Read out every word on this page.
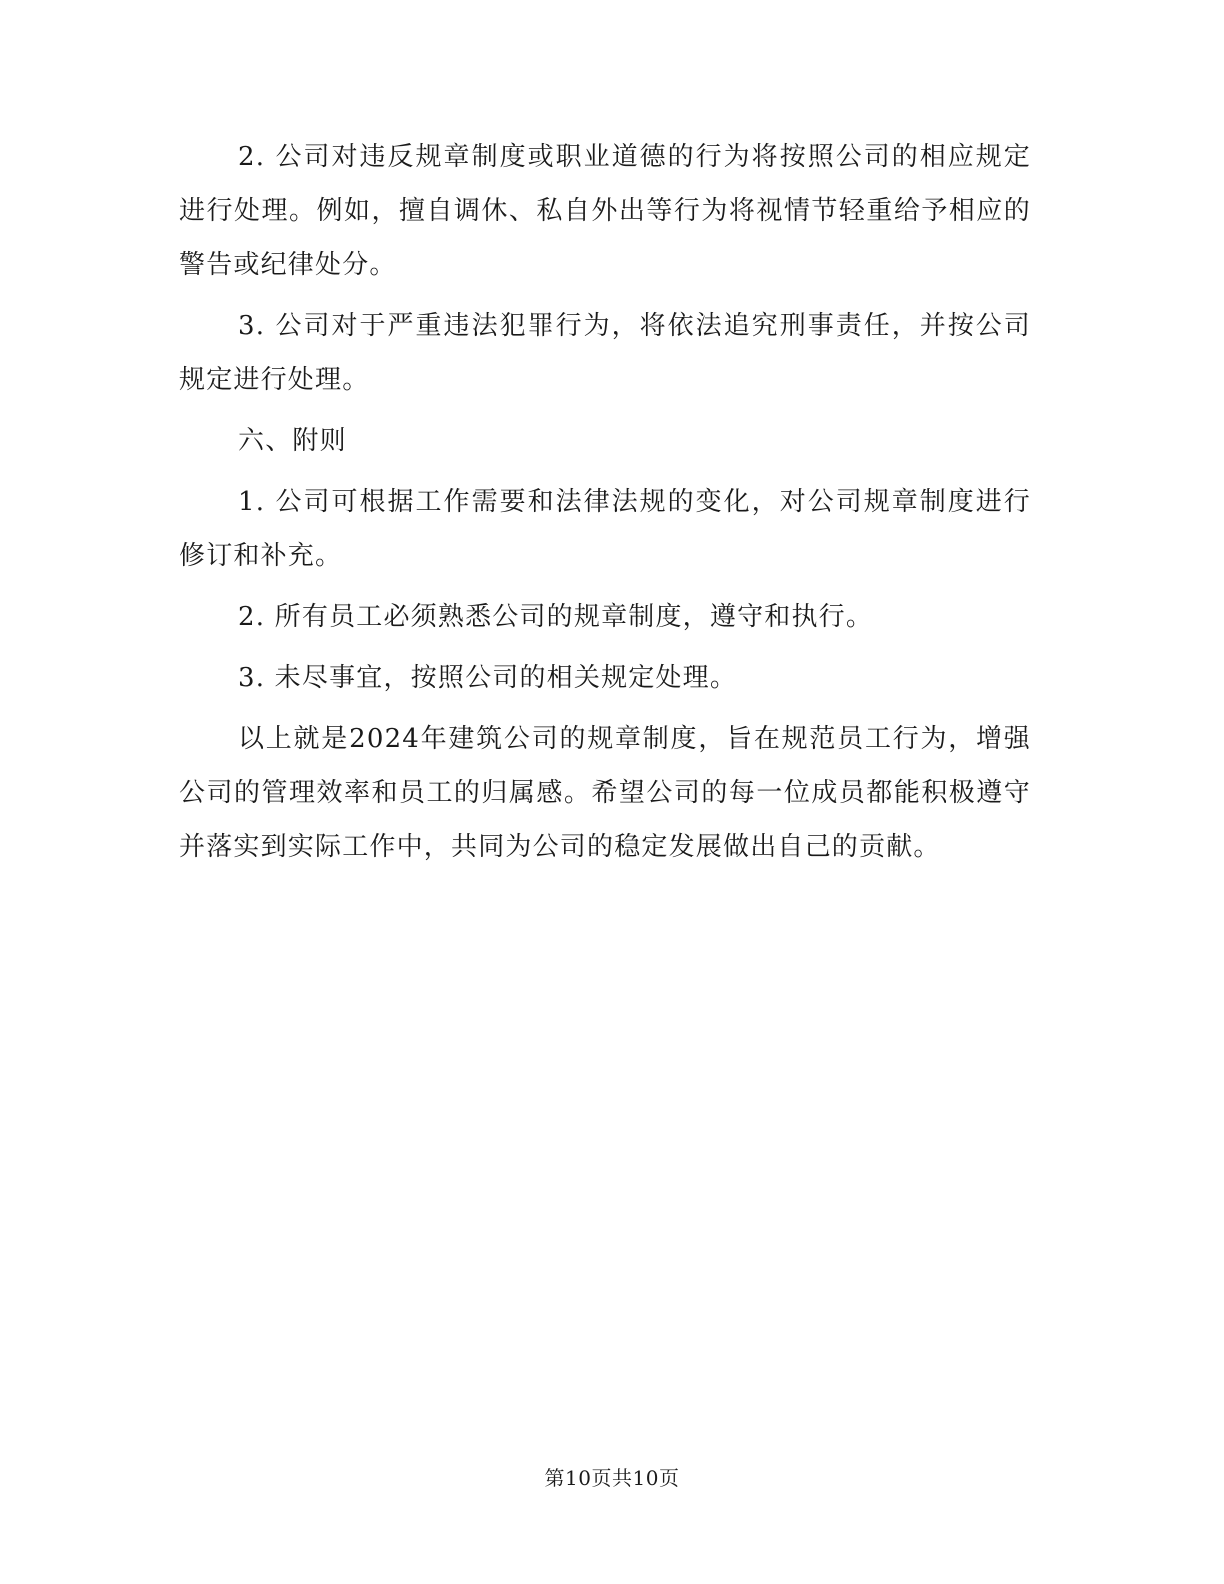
2. 公司对违反规章制度或职业道德的行为将按照公司的相应规定进行处理。例如，擅自调休、私自外出等行为将视情节轻重给予相应的警告或纪律处分。

3. 公司对于严重违法犯罪行为，将依法追究刑事责任，并按公司规定进行处理。

六、附则

1. 公司可根据工作需要和法律法规的变化，对公司规章制度进行修订和补充。

2. 所有员工必须熟悉公司的规章制度，遵守和执行。

3. 未尽事宜，按照公司的相关规定处理。

以上就是2024年建筑公司的规章制度，旨在规范员工行为，增强公司的管理效率和员工的归属感。希望公司的每一位成员都能积极遵守并落实到实际工作中，共同为公司的稳定发展做出自己的贡献。

第10页共10页
